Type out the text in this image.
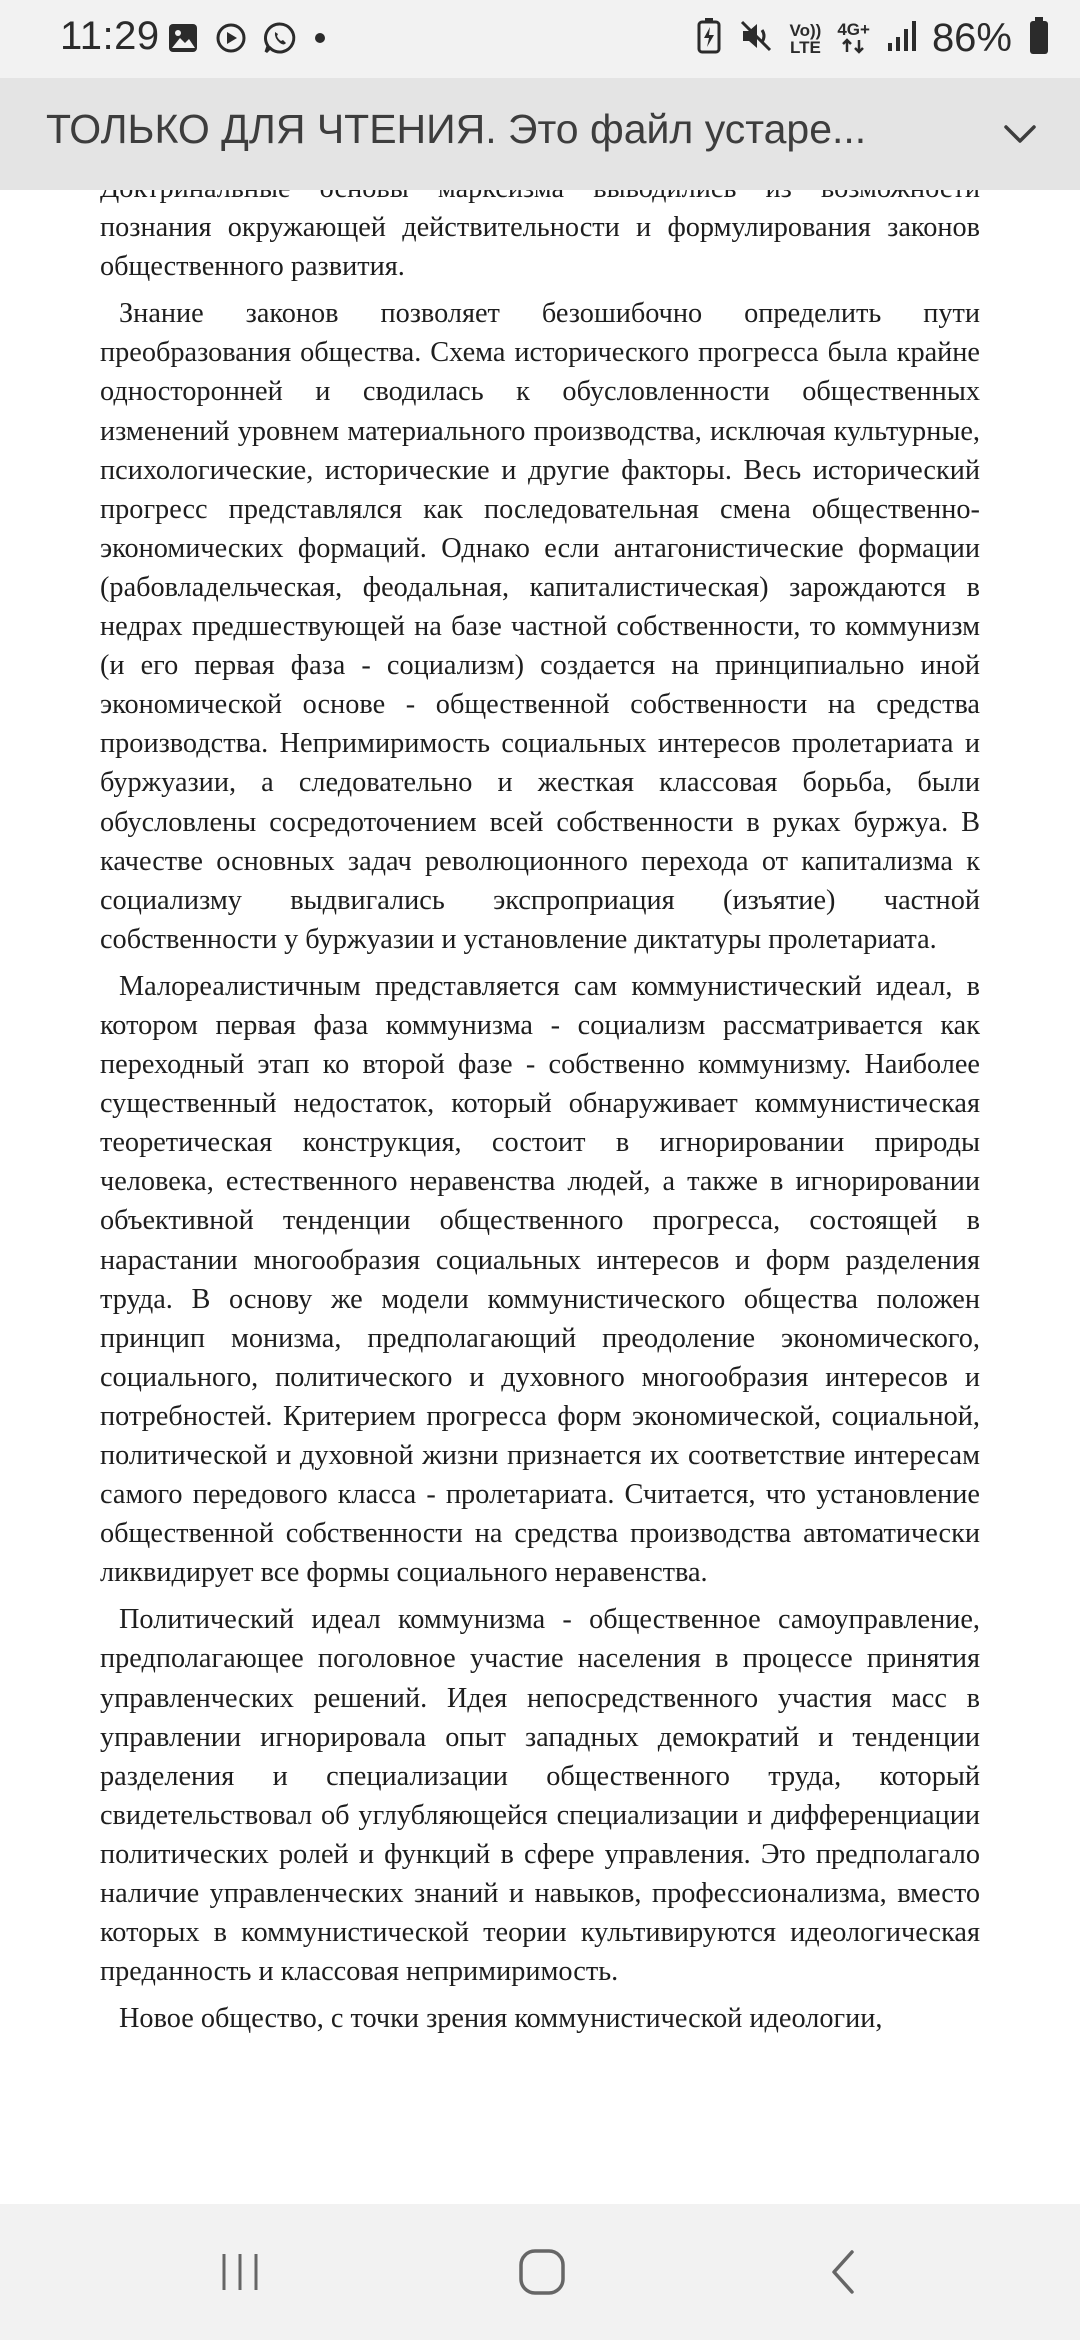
11:29	Vo))
LTE
4G+ 86%
ТОЛЬКО ДЛЯ ЧТЕНИЯ. Это файл устаре...

познания окружающей действительности и формулирования законов общественного развития.

Знание законов позволяет безошибочно определить пути преобразования общества. Схема исторического прогресса была крайне односторонней и сводилась к обусловленности общественных изменений уровнем материального производства, исключая культурные, психологические, исторические и другие факторы. Весь исторический прогресс представлялся как последовательная смена общественно-экономических формаций. Однако если антагонистические формации (рабовладельческая, феодальная, капиталистическая) зарождаются в недрах предшествующей на базе частной собственности, то коммунизм (и его первая фаза - социализм) создается на принципиально иной экономической основе - общественной собственности на средства производства. Непримиримость социальных интересов пролетариата и буржуазии, а следовательно и жесткая классовая борьба, были обусловлены сосредоточением всей собственности в руках буржуа. В качестве основных задач революционного перехода от капитализма к социализму выдвигались экспроприация (изъятие) частной собственности у буржуазии и установление диктатуры пролетариата.

Малореалистичным представляется сам коммунистический идеал, в котором первая фаза коммунизма - социализм рассматривается как переходный этап ко второй фазе - собственно коммунизму. Наиболее существенный недостаток, который обнаруживает коммунистическая теоретическая конструкция, состоит в игнорировании природы человека, естественного неравенства людей, а также в игнорировании объективной тенденции общественного прогресса, состоящей в нарастании многообразия социальных интересов и форм разделения труда. В основу же модели коммунистического общества положен принцип монизма, предполагающий преодоление экономического, социального, политического и духовного многообразия интересов и потребностей. Критерием прогресса форм экономической, социальной, политической и духовной жизни признается их соответствие интересам самого передового класса - пролетариата. Считается, что установление общественной собственности на средства производства автоматически ликвидирует все формы социального неравенства.

Политический идеал коммунизма - общественное самоуправление, предполагающее поголовное участие населения в процессе принятия управленческих решений. Идея непосредственного участия масс в управлении игнорировала опыт западных демократий и тенденции разделения и специализации общественного труда, который свидетельствовал об углубляющейся специализации и дифференциации политических ролей и функций в сфере управления. Это предполагало наличие управленческих знаний и навыков, профессионализма, вместо которых в коммунистической теории культивируются идеологическая преданность и классовая непримиримость.

Новое общество, с точки зрения коммунистической идеологии,
